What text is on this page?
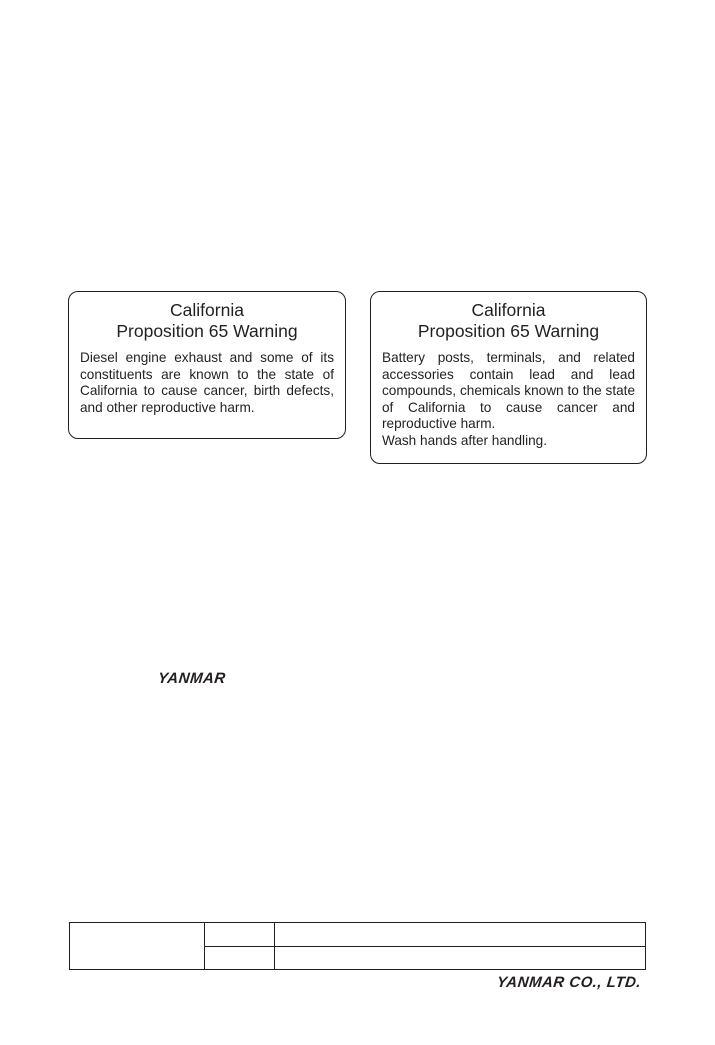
California
Proposition 65 Warning

Diesel engine exhaust and some of its constituents are known to the state of California to cause cancer, birth defects, and other reproductive harm.

California
Proposition 65 Warning

Battery posts, terminals, and related accessories contain lead and lead compounds, chemicals known to the state of California to cause cancer and reproductive harm.

Wash hands after handling.

YANMAR

YANMAR CO., LTD.
